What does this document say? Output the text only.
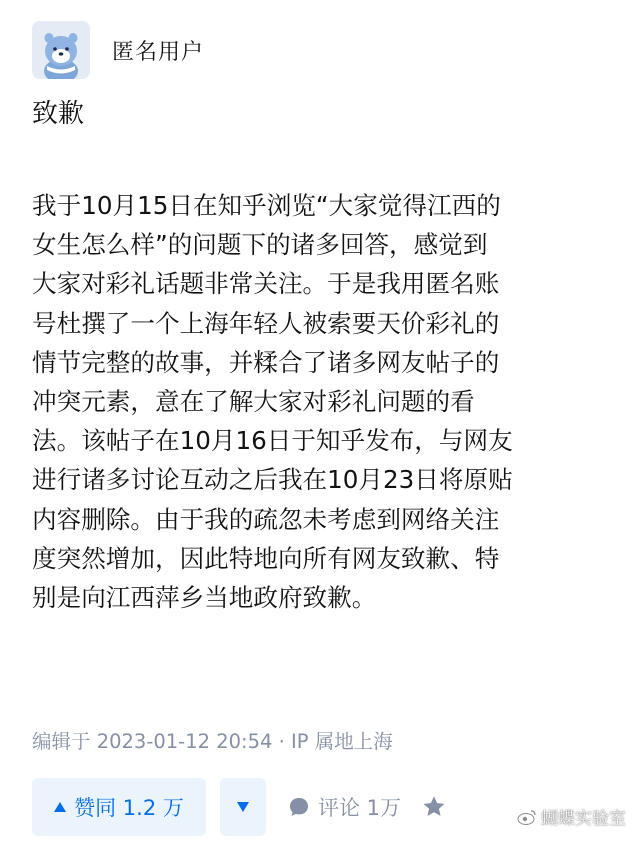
匿名用户
致歉
我于10月15日在知乎浏览“大家觉得江西的
女生怎么样”的问题下的诸多回答，感觉到
大家对彩礼话题非常关注。于是我用匿名账
号杜撰了一个上海年轻人被索要天价彩礼的
情节完整的故事，并糅合了诸多网友帖子的
冲突元素，意在了解大家对彩礼问题的看
法。该帖子在10月16日于知乎发布，与网友
进行诸多讨论互动之后我在10月23日将原贴
内容删除。由于我的疏忽未考虑到网络关注
度突然增加，因此特地向所有网友致歉、特
别是向江西萍乡当地政府致歉。
编辑于 2023-01-12 20:54 · IP 属地上海
赞同 1.2 万	评论 1万	蝴蝶实验室
